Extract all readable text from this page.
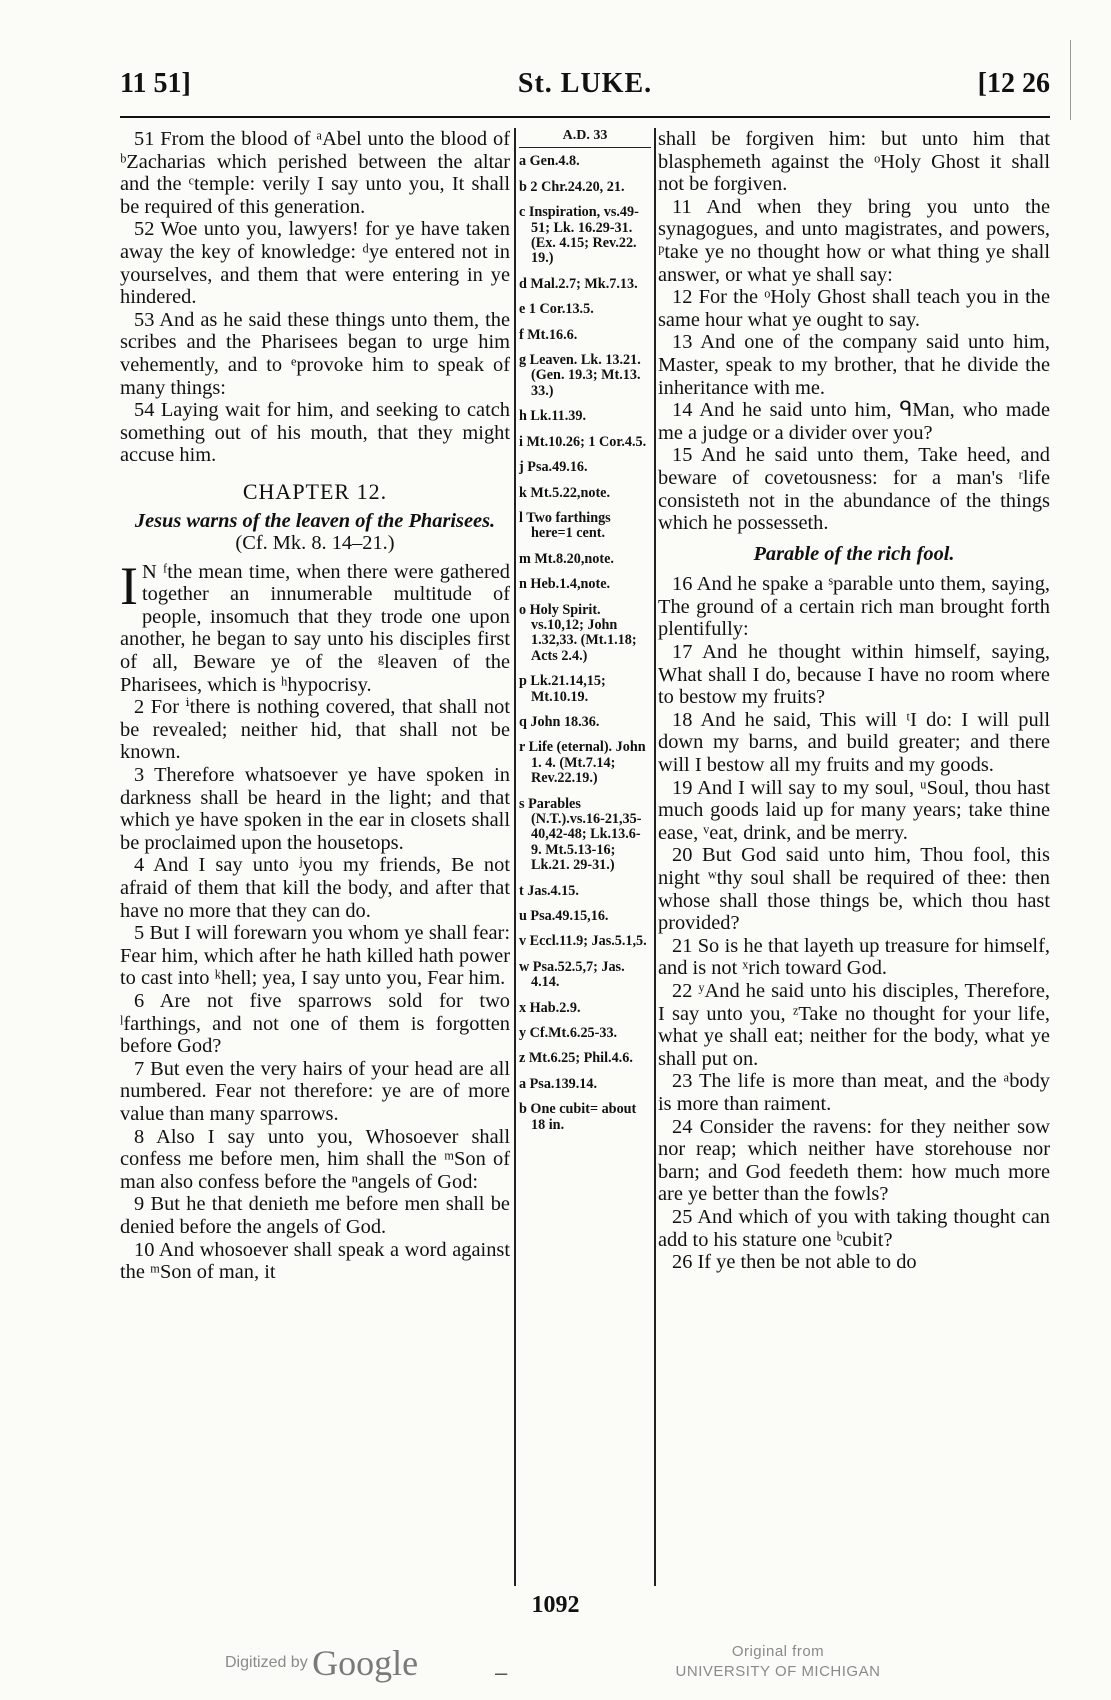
11 51]	St. LUKE.	[12 26

51 From the blood of ᵃAbel unto the blood of ᵇZacharias which perished between the altar and the ᶜtemple: verily I say unto you, It shall be required of this generation.

52 Woe unto you, lawyers! for ye have taken away the key of knowledge: ᵈye entered not in yourselves, and them that were entering in ye hindered.

53 And as he said these things unto them, the scribes and the Pharisees began to urge him vehemently, and to ᵉprovoke him to speak of many things:

54 Laying wait for him, and seeking to catch something out of his mouth, that they might accuse him.

CHAPTER 12.
Jesus warns of the leaven of the Pharisees. (Cf. Mk. 8. 14–21.)

I N ᶠthe mean time, when there were gathered together an innumerable multitude of people, insomuch that they trode one upon another, he began to say unto his disciples first of all, Beware ye of the ᵍleaven of the Pharisees, which is ʰhypocrisy.

2 For ⁱthere is nothing covered, that shall not be revealed; neither hid, that shall not be known.

3 Therefore whatsoever ye have spoken in darkness shall be heard in the light; and that which ye have spoken in the ear in closets shall be proclaimed upon the housetops.

4 And I say unto ʲyou my friends, Be not afraid of them that kill the body, and after that have no more that they can do.

5 But I will forewarn you whom ye shall fear: Fear him, which after he hath killed hath power to cast into ᵏhell; yea, I say unto you, Fear him.

6 Are not five sparrows sold for two ˡfarthings, and not one of them is forgotten before God?

7 But even the very hairs of your head are all numbered. Fear not therefore: ye are of more value than many sparrows.

8 Also I say unto you, Whosoever shall confess me before men, him shall the ᵐSon of man also confess before the ⁿangels of God:

9 But he that denieth me before men shall be denied before the angels of God.

10 And whosoever shall speak a word against the ᵐSon of man, it

A.D. 33
a Gen.4.8.
b 2 Chr.24.20, 21.
c Inspiration, vs.49-51; Lk. 16.29-31. (Ex. 4.15; Rev.22. 19.)
d Mal.2.7; Mk.7.13.
e 1 Cor.13.5.
f Mt.16.6.
g Leaven. Lk. 13.21. (Gen. 19.3; Mt.13. 33.)
h Lk.11.39.
i Mt.10.26; 1 Cor.4.5.
j Psa.49.16.
k Mt.5.22,note.
l Two farthings here=1 cent.
m Mt.8.20,note.
n Heb.1.4,note.
o Holy Spirit. vs.10,12; John 1.32,33. (Mt.1.18; Acts 2.4.)
p Lk.21.14,15; Mt.10.19.
q John 18.36.
r Life (eternal). John 1. 4. (Mt.7.14; Rev.22.19.)
s Parables (N.T.).vs.16-21,35-40,42-48; Lk.13.6-9. Mt.5.13-16; Lk.21. 29-31.)
t Jas.4.15.
u Psa.49.15,16.
v Eccl.11.9; Jas.5.1,5.
w Psa.52.5,7; Jas. 4.14.
x Hab.2.9.
y Cf.Mt.6.25-33.
z Mt.6.25; Phil.4.6.
a Psa.139.14.
b One cubit= about 18 in.

shall be forgiven him: but unto him that blasphemeth against the ᵒHoly Ghost it shall not be forgiven.

11 And when they bring you unto the synagogues, and unto magistrates, and powers, ᵖtake ye no thought how or what thing ye shall answer, or what ye shall say:

12 For the ᵒHoly Ghost shall teach you in the same hour what ye ought to say.

13 And one of the company said unto him, Master, speak to my brother, that he divide the inheritance with me.

14 And he said unto him, ᑫMan, who made me a judge or a divider over you?

15 And he said unto them, Take heed, and beware of covetousness: for a man's ʳlife consisteth not in the abundance of the things which he possesseth.

Parable of the rich fool.

16 And he spake a ˢparable unto them, saying, The ground of a certain rich man brought forth plentifully:

17 And he thought within himself, saying, What shall I do, because I have no room where to bestow my fruits?

18 And he said, This will ᵗI do: I will pull down my barns, and build greater; and there will I bestow all my fruits and my goods.

19 And I will say to my soul, ᵘSoul, thou hast much goods laid up for many years; take thine ease, ᵛeat, drink, and be merry.

20 But God said unto him, Thou fool, this night ʷthy soul shall be required of thee: then whose shall those things be, which thou hast provided?

21 So is he that layeth up treasure for himself, and is not ˣrich toward God.

22 ʸAnd he said unto his disciples, Therefore, I say unto you, ᶻTake no thought for your life, what ye shall eat; neither for the body, what ye shall put on.

23 The life is more than meat, and the ᵃbody is more than raiment.

24 Consider the ravens: for they neither sow nor reap; which neither have storehouse nor barn; and God feedeth them: how much more are ye better than the fowls?

25 And which of you with taking thought can add to his stature one ᵇcubit?

26 If ye then be not able to do

1092
Digitized by Google	–
Original from
UNIVERSITY OF MICHIGAN
